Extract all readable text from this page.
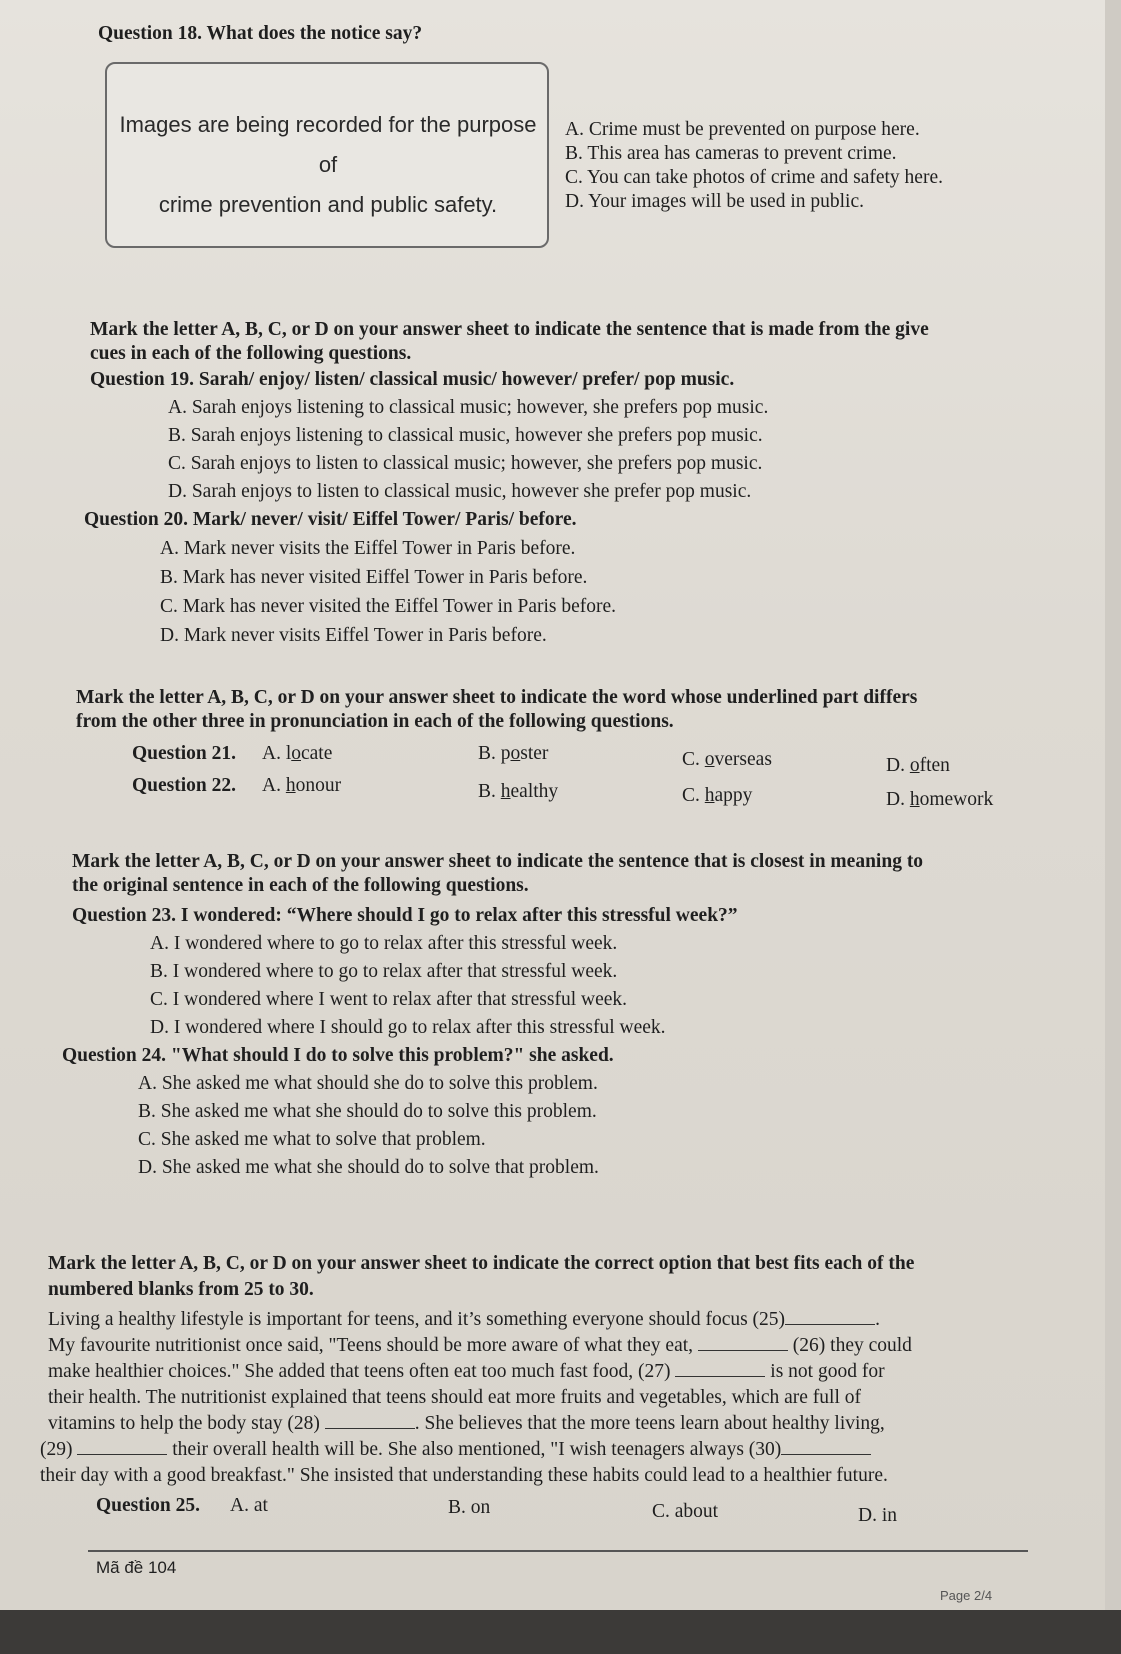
Question 18. What does the notice say?
Images are being recorded for the purpose of
crime prevention and public safety.
A. Crime must be prevented on purpose here.
B. This area has cameras to prevent crime.
C. You can take photos of crime and safety here.
D. Your images will be used in public.
Mark the letter A, B, C, or D on your answer sheet to indicate the sentence that is made from the give
cues in each of the following questions.
Question 19. Sarah/ enjoy/ listen/ classical music/ however/ prefer/ pop music.
A. Sarah enjoys listening to classical music; however, she prefers pop music.
B. Sarah enjoys listening to classical music, however she prefers pop music.
C. Sarah enjoys to listen to classical music; however, she prefers pop music.
D. Sarah enjoys to listen to classical music, however she prefer pop music.
Question 20. Mark/ never/ visit/ Eiffel Tower/ Paris/ before.
A. Mark never visits the Eiffel Tower in Paris before.
B. Mark has never visited Eiffel Tower in Paris before.
C. Mark has never visited the Eiffel Tower in Paris before.
D. Mark never visits Eiffel Tower in Paris before.
Mark the letter A, B, C, or D on your answer sheet to indicate the word whose underlined part differs
from the other three in pronunciation in each of the following questions.
Question 21. A. locate	B. poster	C. overseas	D. often
Question 22. A. honour	B. healthy	C. happy	D. homework
Mark the letter A, B, C, or D on your answer sheet to indicate the sentence that is closest in meaning to
the original sentence in each of the following questions.
Question 23. I wondered: “Where should I go to relax after this stressful week?”
A. I wondered where to go to relax after this stressful week.
B. I wondered where to go to relax after that stressful week.
C. I wondered where I went to relax after that stressful week.
D. I wondered where I should go to relax after this stressful week.
Question 24. "What should I do to solve this problem?" she asked.
A. She asked me what should she do to solve this problem.
B. She asked me what she should do to solve this problem.
C. She asked me what to solve that problem.
D. She asked me what she should do to solve that problem.
Mark the letter A, B, C, or D on your answer sheet to indicate the correct option that best fits each of the
numbered blanks from 25 to 30.
Living a healthy lifestyle is important for teens, and it’s something everyone should focus (25)	.
My favourite nutritionist once said, "Teens should be more aware of what they eat,	(26) they could
make healthier choices." She added that teens often eat too much fast food, (27)	is not good for
their health. The nutritionist explained that teens should eat more fruits and vegetables, which are full of
vitamins to help the body stay (28)	. She believes that the more teens learn about healthy living,
(29)	their overall health will be. She also mentioned, "I wish teenagers always (30)
their day with a good breakfast." She insisted that understanding these habits could lead to a healthier future.
Question 25. A. at	B. on	C. about	D. in
Mã đề 104
Page 2/4
